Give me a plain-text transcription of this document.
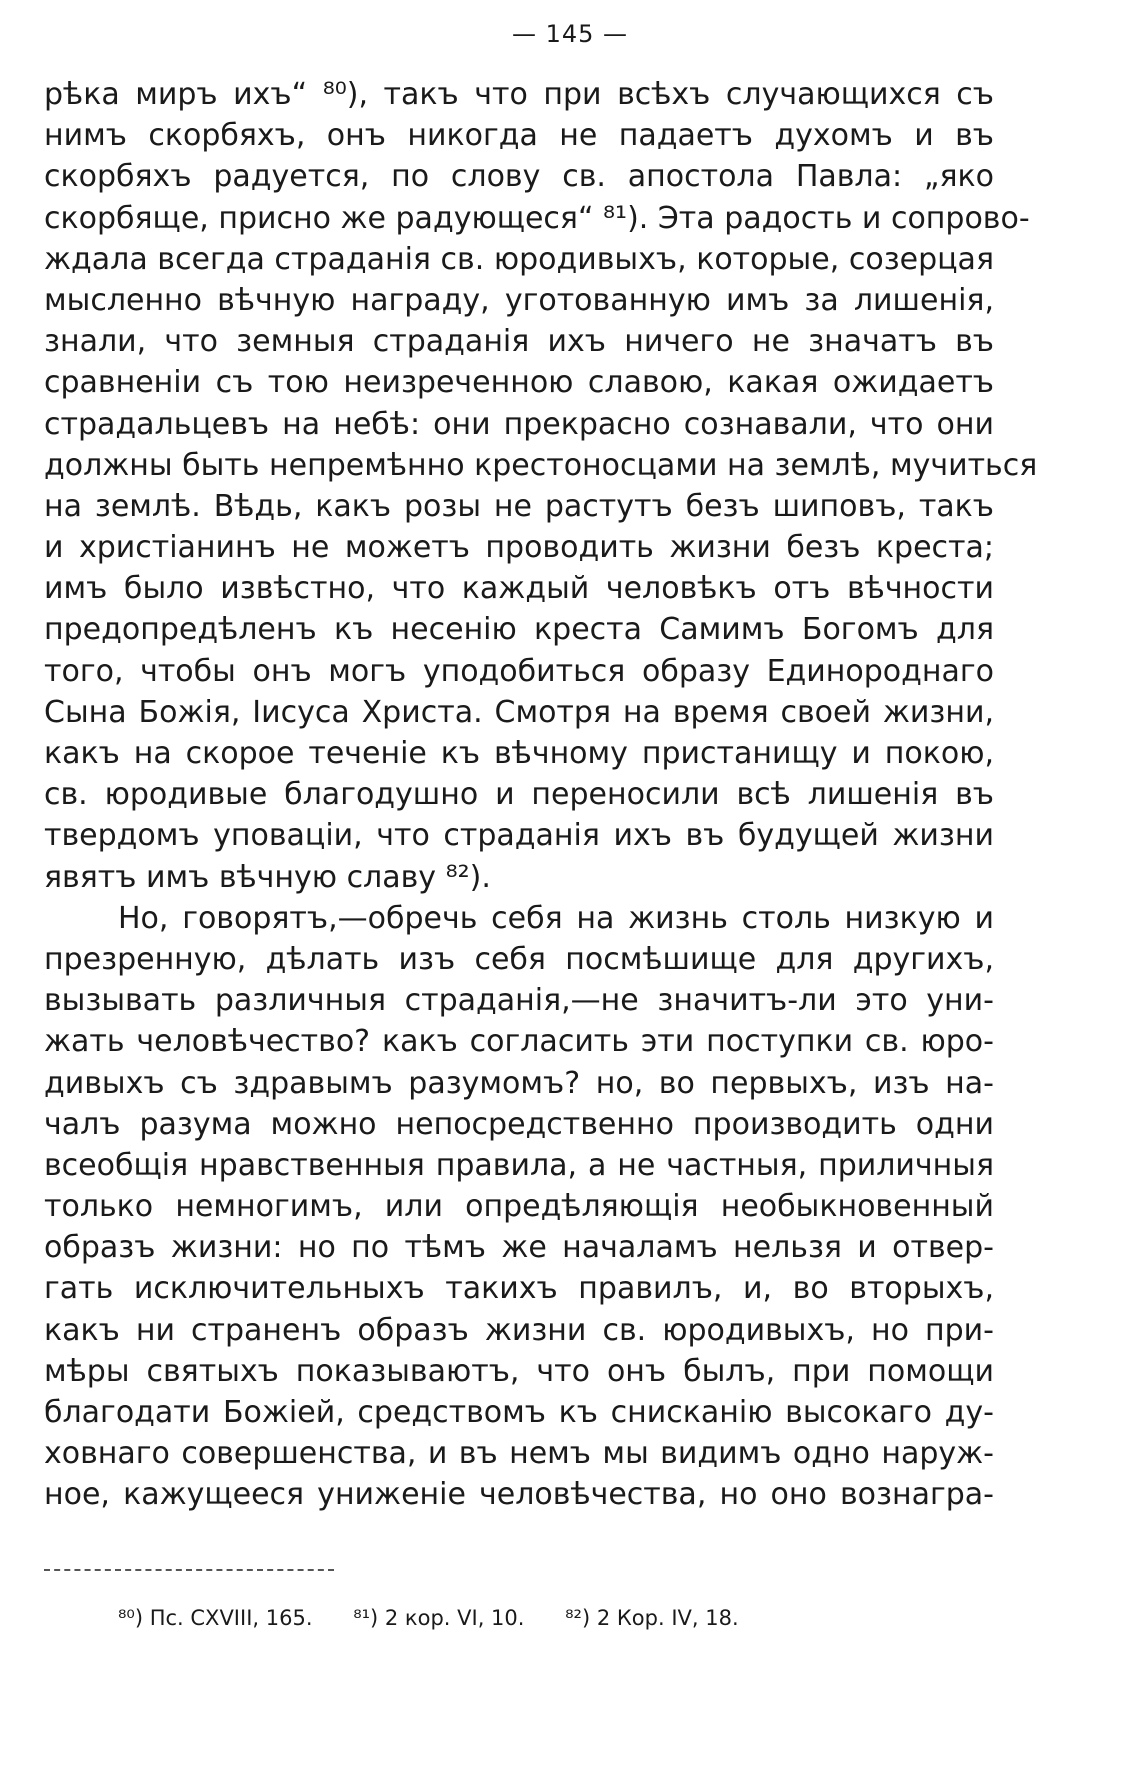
— 145 —
рѣка миръ ихъ“ ⁸⁰), такъ что при всѣхъ случающихся съ
нимъ скорбяхъ, онъ никогда не падаетъ духомъ и въ
скорбяхъ радуется, по слову св. апостола Павла: „яко
скорбяще, присно же радующеся“ ⁸¹). Эта радость и сопрово-
ждала всегда страданія св. юродивыхъ, которые, созерцая
мысленно вѣчную награду, уготованную имъ за лишенія,
знали, что земныя страданія ихъ ничего не значатъ въ
сравненіи съ тою неизреченною славою, какая ожидаетъ
страдальцевъ на небѣ: они прекрасно сознавали, что они
должны быть непремѣнно крестоносцами на землѣ, мучиться
на землѣ. Вѣдь, какъ розы не растутъ безъ шиповъ, такъ
и христіанинъ не можетъ проводить жизни безъ креста;
имъ было извѣстно, что каждый человѣкъ отъ вѣчности
предопредѣленъ къ несенію креста Самимъ Богомъ для
того, чтобы онъ могъ уподобиться образу Единороднаго
Сына Божія, Іисуса Христа. Смотря на время своей жизни,
какъ на скорое теченіе къ вѣчному пристанищу и покою,
св. юродивые благодушно и переносили всѣ лишенія въ
твердомъ уповаціи, что страданія ихъ въ будущей жизни
явятъ имъ вѣчную славу ⁸²).
Но, говорятъ,—обречь себя на жизнь столь низкую и
презренную, дѣлать изъ себя посмѣшище для другихъ,
вызывать различныя страданія,—не значитъ-ли это уни-
жать человѣчество? какъ согласить эти поступки св. юро-
дивыхъ съ здравымъ разумомъ? но, во первыхъ, изъ на-
чалъ разума можно непосредственно производить одни
всеобщія нравственныя правила, а не частныя, приличныя
только немногимъ, или опредѣляющія необыкновенный
образъ жизни: но по тѣмъ же началамъ нельзя и отвер-
гать исключительныхъ такихъ правилъ, и, во вторыхъ,
какъ ни страненъ образъ жизни св. юродивыхъ, но при-
мѣры святыхъ показываютъ, что онъ былъ, при помощи
благодати Божіей, средствомъ къ снисканію высокаго ду-
ховнаго совершенства, и въ немъ мы видимъ одно наруж-
ное, кажущееся униженіе человѣчества, но оно вознагра-
⁸⁰) Пс. CXVIII, 165. ⁸¹) 2 кор. VI, 10. ⁸²) 2 Кор. IV, 18.
